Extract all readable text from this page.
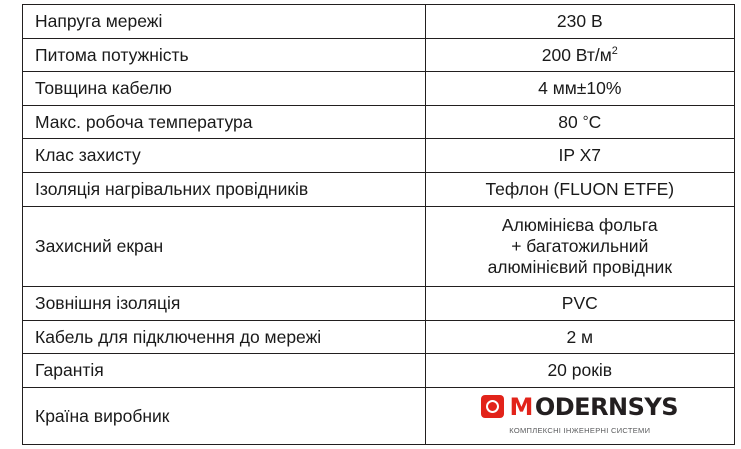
Напруга мережі	230 В
Питома потужність	200 $Вт/м^2$
Товщина кабелю	4 мм±10%
Макс. робоча температура	80 °C
Клас захисту	IP X7
Ізоляція нагрівальних провідників	Тефлон (FLUON ETFE)
Захисний екран	Алюмінієва фольга
+ багатожильний
алюмінієвий провідник

Зовнішня ізоляція	PVC
Кабель для підключення до мережі	2 м
Гарантія	20 років
Країна виробник	M ODERNSYS
КОМПЛЕКСНІ ІНЖЕНЕРНІ СИСТЕМИ
